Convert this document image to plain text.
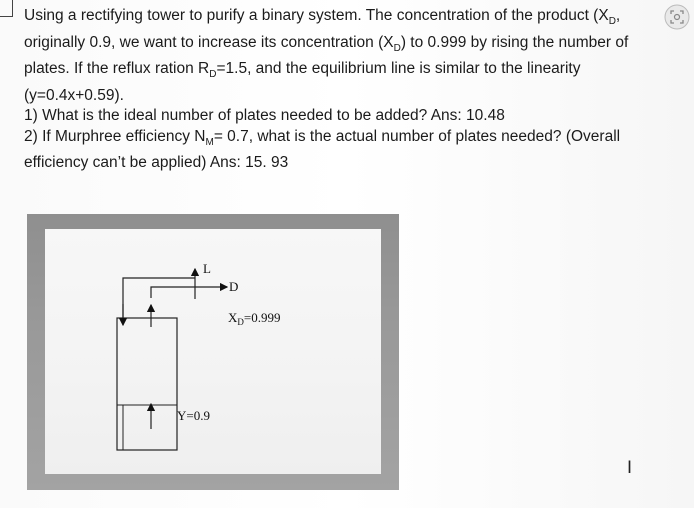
Using a rectifying tower to purify a binary system. The concentration of the product ($X_D$,

originally 0.9, we want to increase its concentration $(X_D)$ to 0.999 by rising the number of

plates. If the reflux ration $R_D=1.5$, and the equilibrium line is similar to the linearity

(y=0.4x+0.59).

1) What is the ideal number of plates needed to be added? Ans: 10.48

2) If Murphree efficiency $N_M= 0.7$, what is the actual number of plates needed? (Overall

efficiency can’t be applied) Ans: 15. 93

L
D
$X_D=0.999$
Y=0.9
I
